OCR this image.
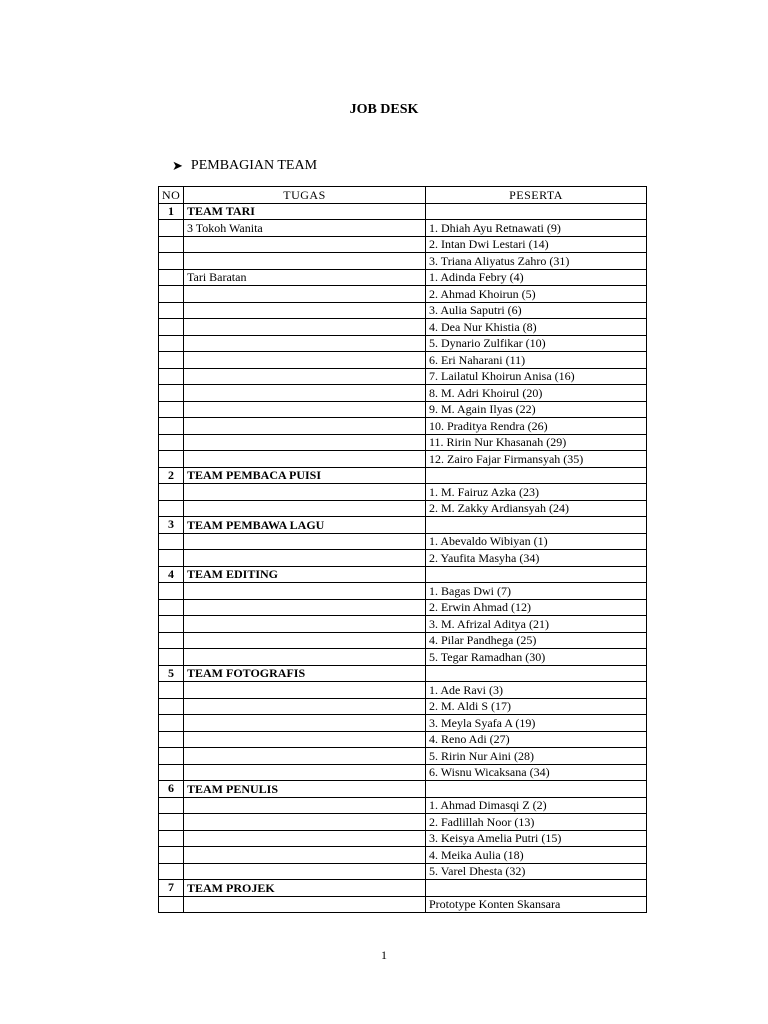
JOB DESK
➤ PEMBAGIAN TEAM
NO	TUGAS	PESERTA
1	TEAM TARI	
	3 Tokoh Wanita	1. Dhiah Ayu Retnawati (9)
		2. Intan Dwi Lestari (14)
		3. Triana Aliyatus Zahro (31)
	Tari Baratan	1. Adinda Febry (4)
		2. Ahmad Khoirun (5)
		3. Aulia Saputri (6)
		4. Dea Nur Khistia (8)
		5. Dynario Zulfikar (10)
		6. Eri Naharani (11)
		7. Lailatul Khoirun Anisa (16)
		8. M. Adri Khoirul (20)
		9. M. Again Ilyas (22)
		10. Praditya Rendra (26)
		11. Ririn Nur Khasanah (29)
		12. Zairo Fajar Firmansyah (35)
2	TEAM PEMBACA PUISI	
		1. M. Fairuz Azka (23)
		2. M. Zakky Ardiansyah (24)
3	TEAM PEMBAWA LAGU	
		1. Abevaldo Wibiyan (1)
		2. Yaufita Masyha (34)
4	TEAM EDITING	
		1. Bagas Dwi (7)
		2. Erwin Ahmad (12)
		3. M. Afrizal Aditya (21)
		4. Pilar Pandhega (25)
		5. Tegar Ramadhan (30)
5	TEAM FOTOGRAFIS	
		1. Ade Ravi (3)
		2. M. Aldi S (17)
		3. Meyla Syafa A (19)
		4. Reno Adi (27)
		5. Ririn Nur Aini (28)
		6. Wisnu Wicaksana (34)
6	TEAM PENULIS	
		1. Ahmad Dimasqi Z (2)
		2. Fadlillah Noor (13)
		3. Keisya Amelia Putri (15)
		4. Meika Aulia (18)
		5. Varel Dhesta (32)
7	TEAM PROJEK	
		Prototype Konten Skansara
1
